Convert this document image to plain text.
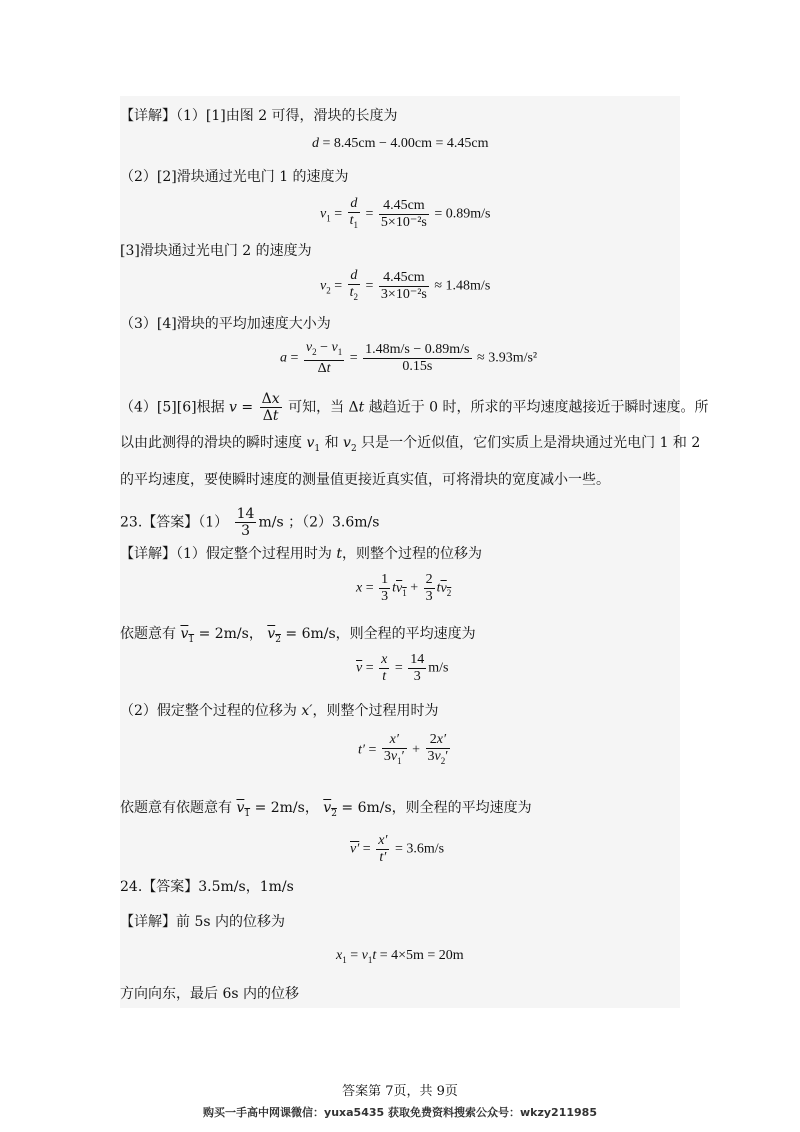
【详解】（1）[1]由图 2 可得，滑块的长度为
d = 8.45cm − 4.00cm = 4.45cm
（2）[2]滑块通过光电门 1 的速度为
$v_1 = \frac{d}{t_1} = \frac{4.45cm}{\text{5×10⁻²s}} = 0.89m/s$
[3]滑块通过光电门 2 的速度为
$v_2 = \frac{d}{t_2} = \frac{4.45cm}{\text{3×10⁻²s}} \approx 1.48m/s$
（3）[4]滑块的平均加速度大小为
$a = \frac{v_2 - v_1}{\Delta t} = \frac{1.48m/s - 0.89m/s}{0.15s} \approx 3.93m/s^2$
（4）[5][6]根据 $v = \frac{\Delta x}{\Delta t}$ 可知，当 Δt 越趋近于 0 时，所求的平均速度越接近于瞬时速度。所
以由此测得的滑块的瞬时速度 $v_1$ 和 $v_2$ 只是一个近似值，它们实质上是滑块通过光电门 1 和 2
的平均速度，要使瞬时速度的测量值更接近真实值，可将滑块的宽度减小一些。
23.【答案】$(1) \frac{14}{3} m/s$ ；（2）3.6m/s
【详解】（1）假定整个过程用时为 t，则整个过程的位移为
$x = \frac{1}{3} tv_1 + \frac{2}{3} tv_2$
依题意有 $v_1 = 2m/s$， $v_2 = 6m/s$，则全程的平均速度为
$\overline{v} = \frac{x}{t} = \frac{14}{3} m/s$
（2）假定整个过程的位移为 x′，则整个过程用时为
$t' = \frac{x'}{3v_1'} + \frac{2x'}{3v_2'}$
依题意有依题意有 $v_1 = 2m/s$， $v_2 = 6m/s$，则全程的平均速度为
$v' = \frac{x'}{t'} = 3.6m/s$
24.【答案】3.5m/s，1m/s
【详解】前 5s 内的位移为
$x_1 = v_1t = 4\times 5m = 20m$
方向向东，最后 6s 内的位移
答案第 7页，共 9页
购买一手高中网课微信：yuxa5435 获取免费资料搜索公众号：wkzy211985
